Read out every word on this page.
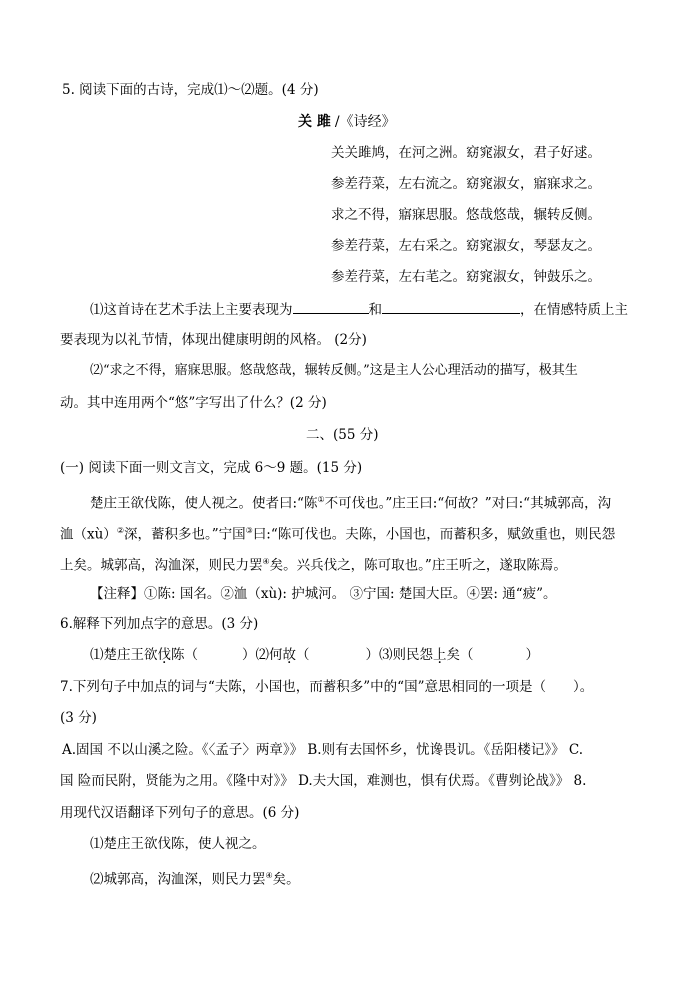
5. 阅读下面的古诗，完成⑴～⑵题。(4 分)
关 雎 /《诗经》
关关雎鸠，在河之洲。窈窕淑女，君子好逑。
参差荇菜，左右流之。窈窕淑女，寤寐求之。
求之不得，寤寐思服。悠哉悠哉，辗转反侧。
参差荇菜，左右采之。窈窕淑女，琴瑟友之。
参差荇菜，左右芼之。窈窕淑女，钟鼓乐之。
⑴这首诗在艺术手法上主要表现为	和	，在情感特质上主
要表现为以礼节情，体现出健康明朗的风格。 (2分)
⑵“求之不得，寤寐思服。悠哉悠哉，辗转反侧。”这是主人公心理活动的描写，极其生
动。其中连用两个“悠”字写出了什么？(2 分)
二、(55 分)
(一) 阅读下面一则文言文，完成 6～9 题。(15 分)
楚庄王欲伐陈，使人视之。使者曰:“陈①不可伐也。”庄王曰:“何故？”对曰:“其城郭高，沟
洫（xù）②深，蓄积多也。”宁国③曰:“陈可伐也。夫陈，小国也，而蓄积多，赋敛重也，则民怨
上矣。城郭高，沟洫深，则民力罢④矣。兴兵伐之，陈可取也。”庄王听之，遂取陈焉。
【注释】①陈: 国名。②洫（xù): 护城河。 ③宁国: 楚国大臣。④罢: 通“疲”。
6.解释下列加点字的意思。(3 分)
⑴楚庄王欲伐陈（	）⑵何故（	）⑶则民怨上矣（	）
7.下列句子中加点的词与“夫陈，小国也，而蓄积多”中的“国”意思相同的一项是（　　）。
(3 分)
A.固国 不以山溪之险。《〈孟子〉两章》》 B.则有去国怀乡，忧谗畏讥。《岳阳楼记》》 C.
国 险而民附，贤能为之用。《隆中对》》 D.夫大国，难测也，惧有伏焉。《曹刿论战》》 8.
用现代汉语翻译下列句子的意思。(6 分)
⑴楚庄王欲伐陈，使人视之。
⑵城郭高，沟洫深，则民力罢④矣。
